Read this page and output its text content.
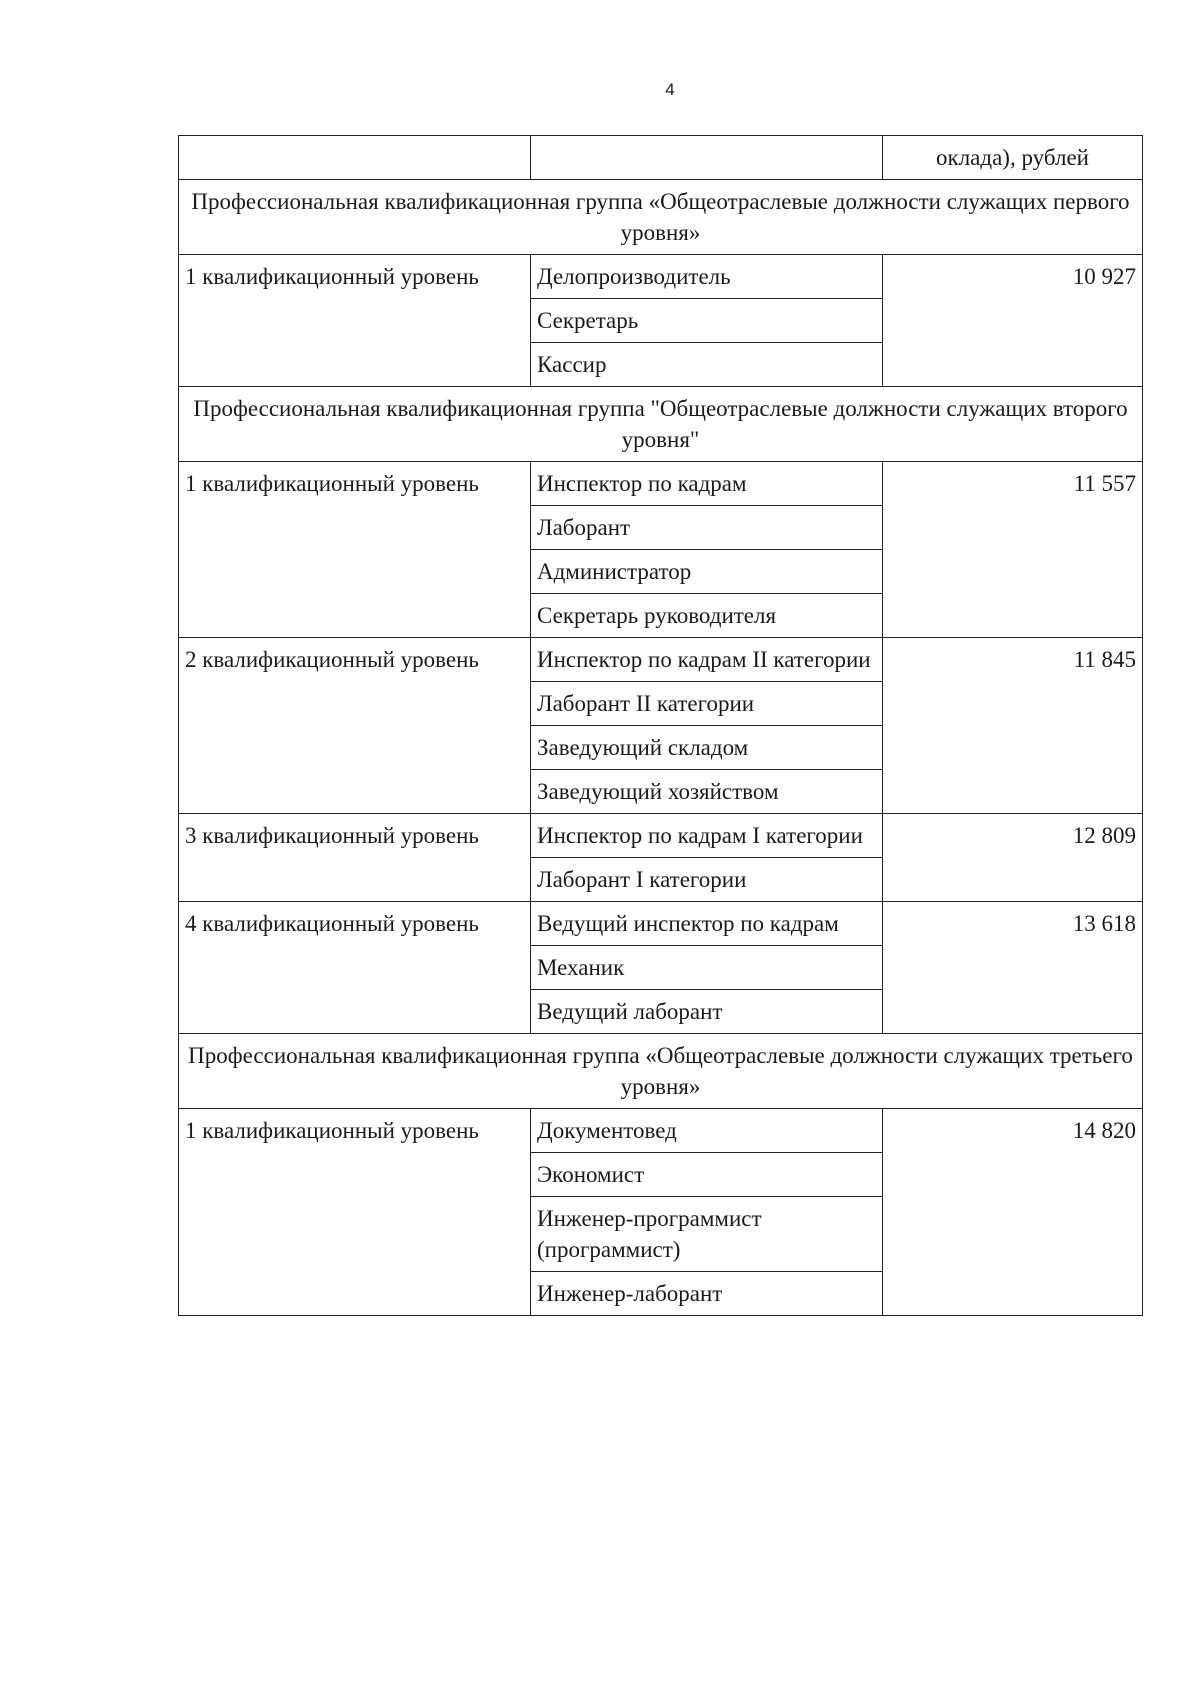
4
		оклада), рублей
Профессиональная квалификационная группа «Общеотраслевые должности служащих первого уровня»		
1 квалификационный уровень	Делопроизводитель	10 927
	Секретарь	
	Кассир	
Профессиональная квалификационная группа "Общеотраслевые должности служащих второго уровня"		
1 квалификационный уровень	Инспектор по кадрам	11 557
	Лаборант	
	Администратор	
	Секретарь руководителя	
2 квалификационный уровень	Инспектор по кадрам II категории	11 845
	Лаборант II категории	
	Заведующий складом	
	Заведующий хозяйством	
3 квалификационный уровень	Инспектор по кадрам I категории	12 809
	Лаборант I категории	
4 квалификационный уровень	Ведущий инспектор по кадрам	13 618
	Механик	
	Ведущий лаборант	
Профессиональная квалификационная группа «Общеотраслевые должности служащих третьего уровня»		
1 квалификационный уровень	Документовед	14 820
	Экономист	
	Инженер-программист (программист)	
	Инженер-лаборант	
